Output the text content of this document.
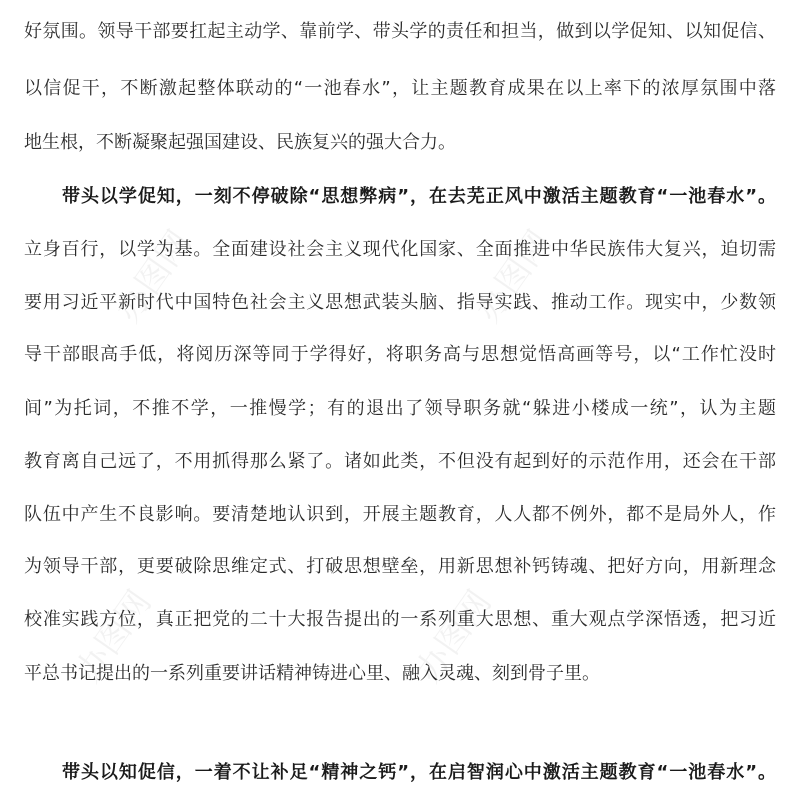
办图网	办图网
办图网	办图网
好氛围。领导干部要扛起主动学、靠前学、带头学的责任和担当，做到以学促知、以知促信、
以信促干，不断激起整体联动的“一池春水”，让主题教育成果在以上率下的浓厚氛围中落
地生根，不断凝聚起强国建设、民族复兴的强大合力。
带头以学促知，一刻不停破除“思想弊病”，在去芜正风中激活主题教育“一池春水”。
立身百行，以学为基。全面建设社会主义现代化国家、全面推进中华民族伟大复兴，迫切需
要用习近平新时代中国特色社会主义思想武装头脑、指导实践、推动工作。现实中，少数领
导干部眼高手低，将阅历深等同于学得好，将职务高与思想觉悟高画等号，以“工作忙没时
间”为托词，不推不学，一推慢学；有的退出了领导职务就“躲进小楼成一统”，认为主题
教育离自己远了，不用抓得那么紧了。诸如此类，不但没有起到好的示范作用，还会在干部
队伍中产生不良影响。要清楚地认识到，开展主题教育，人人都不例外，都不是局外人，作
为领导干部，更要破除思维定式、打破思想壁垒，用新思想补钙铸魂、把好方向，用新理念
校准实践方位，真正把党的二十大报告提出的一系列重大思想、重大观点学深悟透，把习近
平总书记提出的一系列重要讲话精神铸进心里、融入灵魂、刻到骨子里。
带头以知促信，一着不让补足“精神之钙”，在启智润心中激活主题教育“一池春水”。
